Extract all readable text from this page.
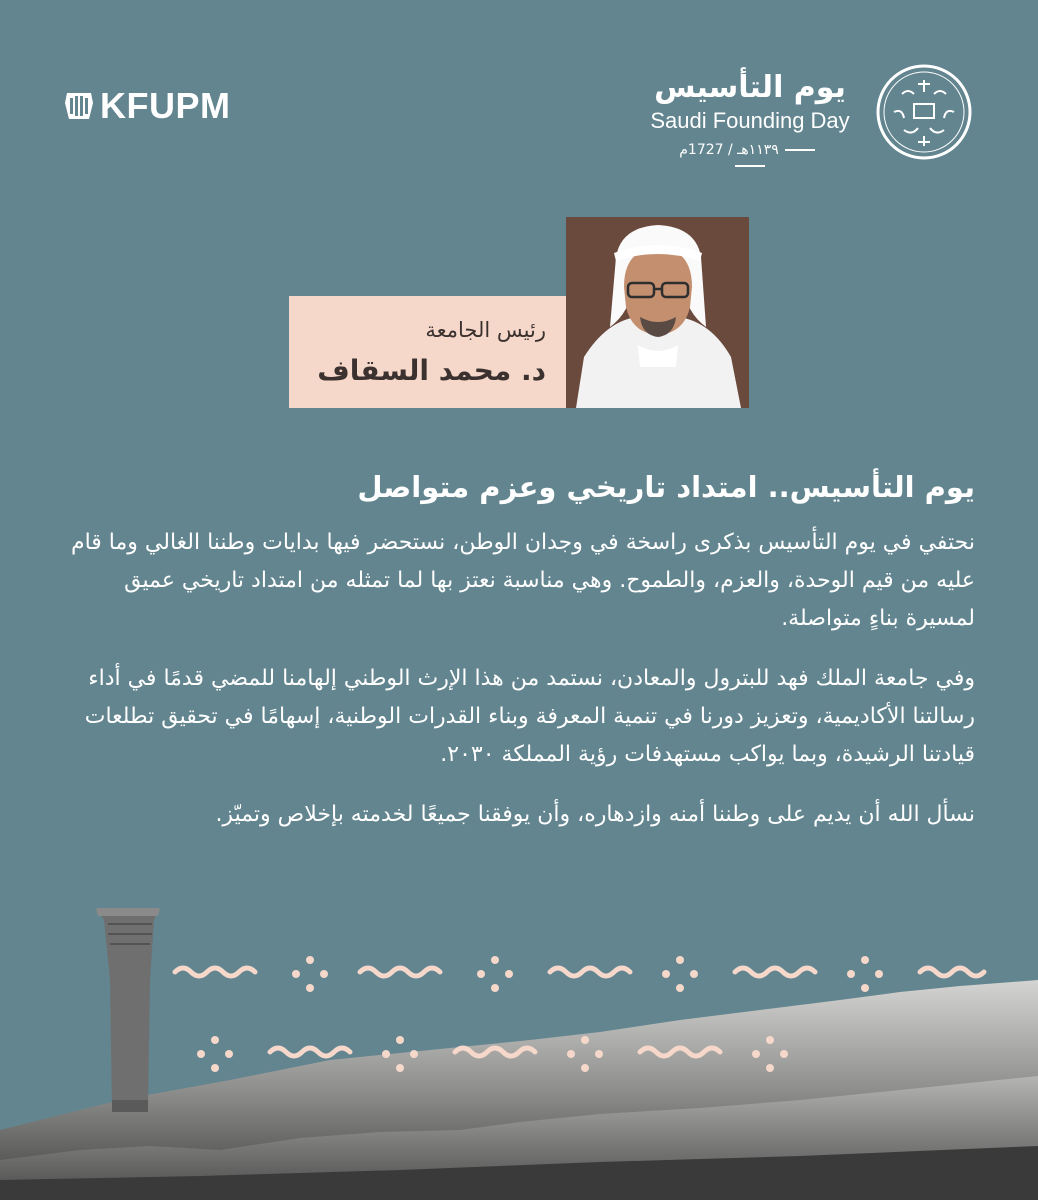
KFUPM	يوم التأسيس
Saudi Founding Day
١١٣٩هـ / 1727م
رئيس الجامعة
د. محمد السقاف
يوم التأسيس.. امتداد تاريخي وعزم متواصل

نحتفي في يوم التأسيس بذكرى راسخة في وجدان الوطن، نستحضر فيها بدايات وطننا الغالي وما قام عليه من قيم الوحدة، والعزم، والطموح. وهي مناسبة نعتز بها لما تمثله من امتداد تاريخي عميق لمسيرة بناءٍ متواصلة.

وفي جامعة الملك فهد للبترول والمعادن، نستمد من هذا الإرث الوطني إلهامنا للمضي قدمًا في أداء رسالتنا الأكاديمية، وتعزيز دورنا في تنمية المعرفة وبناء القدرات الوطنية، إسهامًا في تحقيق تطلعات قيادتنا الرشيدة، وبما يواكب مستهدفات رؤية المملكة ٢٠٣٠.

نسأل الله أن يديم على وطننا أمنه وازدهاره، وأن يوفقنا جميعًا لخدمته بإخلاص وتميّز.
